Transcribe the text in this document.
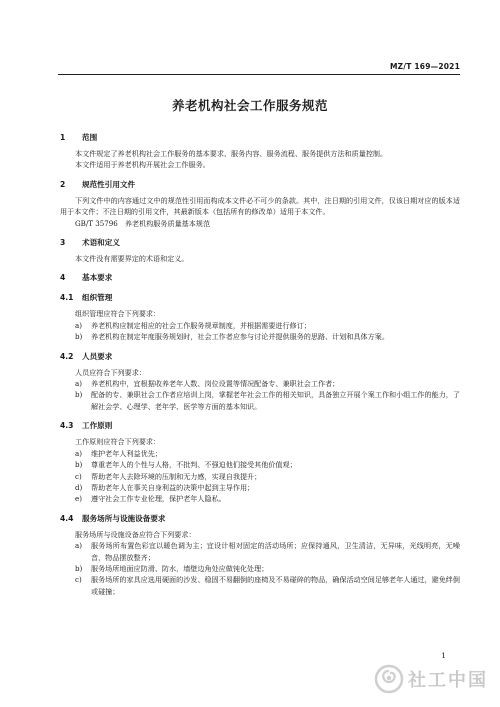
MZ/T 169—2021
养老机构社会工作服务规范
1	范围

本文件规定了养老机构社会工作服务的基本要求、服务内容、服务流程、服务提供方法和质量控制。

本文件适用于养老机构开展社会工作服务。

2	规范性引用文件

下列文件中的内容通过文中的规范性引用而构成本文件必不可少的条款。其中，注日期的引用文件，仅该日期对应的版本适用于本文件；不注日期的引用文件，其最新版本（包括所有的修改单）适用于本文件。

GB/T 35796　养老机构服务质量基本规范

3	术语和定义

本文件没有需要界定的术语和定义。

4	基本要求
4.1	组织管理

组织管理应符合下列要求：

a)	养老机构应制定相应的社会工作服务规章制度，并根据需要进行修订；
b)	养老机构在制定年度服务规划时，社会工作者应参与讨论并提供服务的思路、计划和具体方案。
4.2	人员要求

人员应符合下列要求：

a)	养老机构中，宜根据收养老年人数、岗位设置等情况配备专、兼职社会工作者；
b)	配备的专、兼职社会工作者应培训上岗，掌握老年社会工作的相关知识，具备独立开展个案工作和小组工作的能力，了解社会学、心理学、老年学、医学等方面的基本知识。
4.3	工作原则

工作原则应符合下列要求：

a)	维护老年人利益优先；
b)	尊重老年人的个性与人格，不批判、不强迫他们接受其他价值观；
c)	帮助老年人去除环境的压制和无力感，实现自我提升；
d)	帮助老年人在事关自身利益的决策中起到主导作用；
e)	遵守社会工作专业伦理，保护老年人隐私。
4.4	服务场所与设施设备要求

服务场所与设施设备应符合下列要求：

a)	服务场所布置色彩宜以暖色调为主；宜设计相对固定的活动场所；应保持通风，卫生清洁，无异味，光线明亮，无噪音，物品摆放整齐；
b)	服务场所地面应防滑、防水，墙壁边角处应做钝化处理；
c)	服务场所的家具应选用硬面的沙发、稳固不易翻倒的座椅及不易碰碎的物品，确保活动空间足够老年人通过，避免绊倒或碰撞；
1
社工中国
